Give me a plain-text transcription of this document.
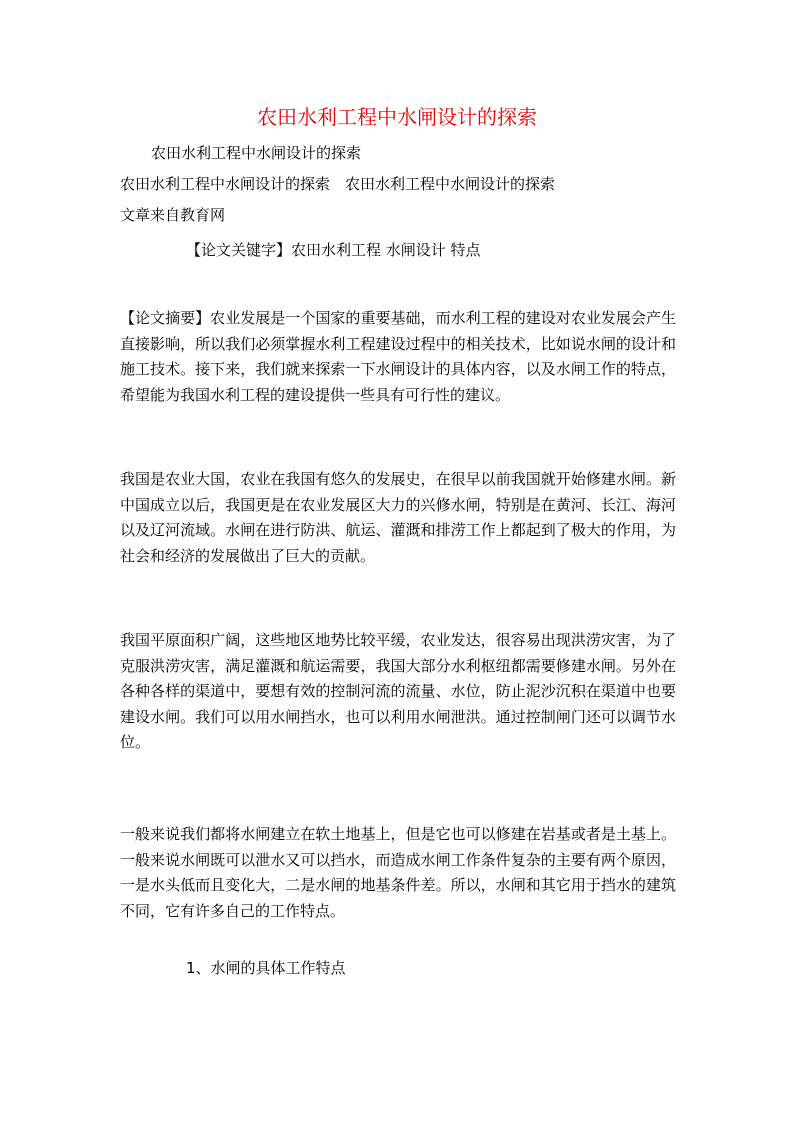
农田水利工程中水闸设计的探索
农田水利工程中水闸设计的探索
农田水利工程中水闸设计的探索　农田水利工程中水闸设计的探索
文章来自教育网
【论文关键字】农田水利工程 水闸设计 特点
【论文摘要】农业发展是一个国家的重要基础，而水利工程的建设对农业发展会产生直接影响，所以我们必须掌握水利工程建设过程中的相关技术，比如说水闸的设计和施工技术。接下来，我们就来探索一下水闸设计的具体内容，以及水闸工作的特点，希望能为我国水利工程的建设提供一些具有可行性的建议。
我国是农业大国，农业在我国有悠久的发展史，在很早以前我国就开始修建水闸。新中国成立以后，我国更是在农业发展区大力的兴修水闸，特别是在黄河、长江、海河以及辽河流域。水闸在进行防洪、航运、灌溉和排涝工作上都起到了极大的作用，为社会和经济的发展做出了巨大的贡献。
我国平原面积广阔，这些地区地势比较平缓，农业发达，很容易出现洪涝灾害，为了克服洪涝灾害，满足灌溉和航运需要，我国大部分水利枢纽都需要修建水闸。另外在各种各样的渠道中，要想有效的控制河流的流量、水位，防止泥沙沉积在渠道中也要建设水闸。我们可以用水闸挡水，也可以利用水闸泄洪。通过控制闸门还可以调节水位。
一般来说我们都将水闸建立在软土地基上，但是它也可以修建在岩基或者是土基上。一般来说水闸既可以泄水又可以挡水，而造成水闸工作条件复杂的主要有两个原因，一是水头低而且变化大，二是水闸的地基条件差。所以，水闸和其它用于挡水的建筑不同，它有许多自己的工作特点。
1、水闸的具体工作特点
